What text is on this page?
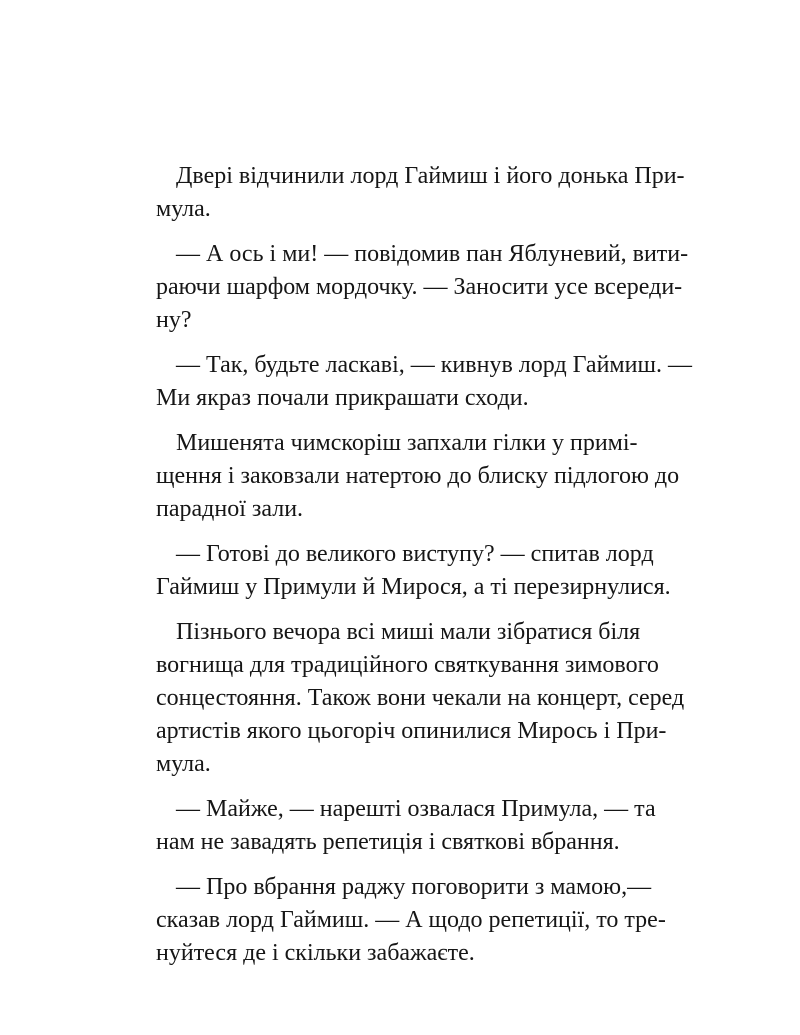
Двері відчинили лорд Гаймиш і його донька При-
мула.

— А ось і ми! — повідомив пан Яблуневий, вити-
раючи шарфом мордочку. — Заносити усе всереди-
ну?

— Так, будьте ласкаві, — кивнув лорд Гаймиш. —
Ми якраз почали прикрашати сходи.

Мишенята чимскоріш запхали гілки у примі-
щення і заковзали натертою до блиску підлогою до
парадної зали.

— Готові до великого виступу? — спитав лорд
Гаймиш у Примули й Мирося, а ті перезирнулися.

Пізнього вечора всі миші мали зібратися біля
вогнища для традиційного святкування зимового
сонцестояння. Також вони чекали на концерт, серед
артистів якого цьогоріч опинилися Мирось і При-
мула.

— Майже, — нарешті озвалася Примула, — та
нам не завадять репетиція і святкові вбрання.

— Про вбрання раджу поговорити з мамою,—
сказав лорд Гаймиш. — А щодо репетиції, то тре-
нуйтеся де і скільки забажаєте.
